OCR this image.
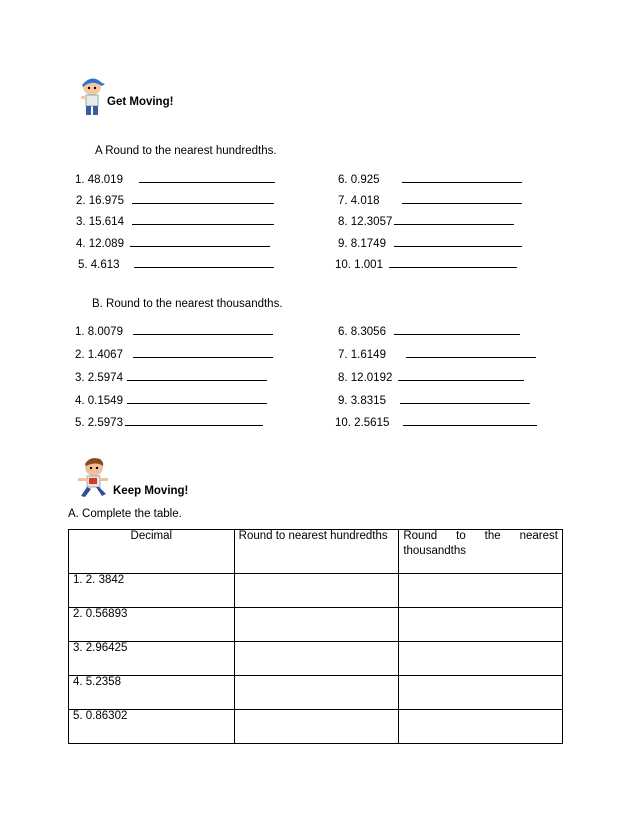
Get Moving!
A Round to the nearest hundredths.
1. 48.019
2. 16.975
3. 15.614
4. 12.089
5. 4.613
6. 0.925
7. 4.018
8. 12.3057
9. 8.1749
10. 1.001
B. Round to the nearest thousandths.
1. 8.0079
2. 1.4067
3. 2.5974
4. 0.1549
5. 2.5973
6. 8.3056
7. 1.6149
8. 12.0192
9. 3.8315
10. 2.5615
Keep Moving!
A. Complete the table.
Decimal	Round to nearest hundredths	Round to the nearest
thousandths

1. 2. 3842		
2. 0.56893		
3. 2.96425		
4. 5.2358		
5. 0.86302		
